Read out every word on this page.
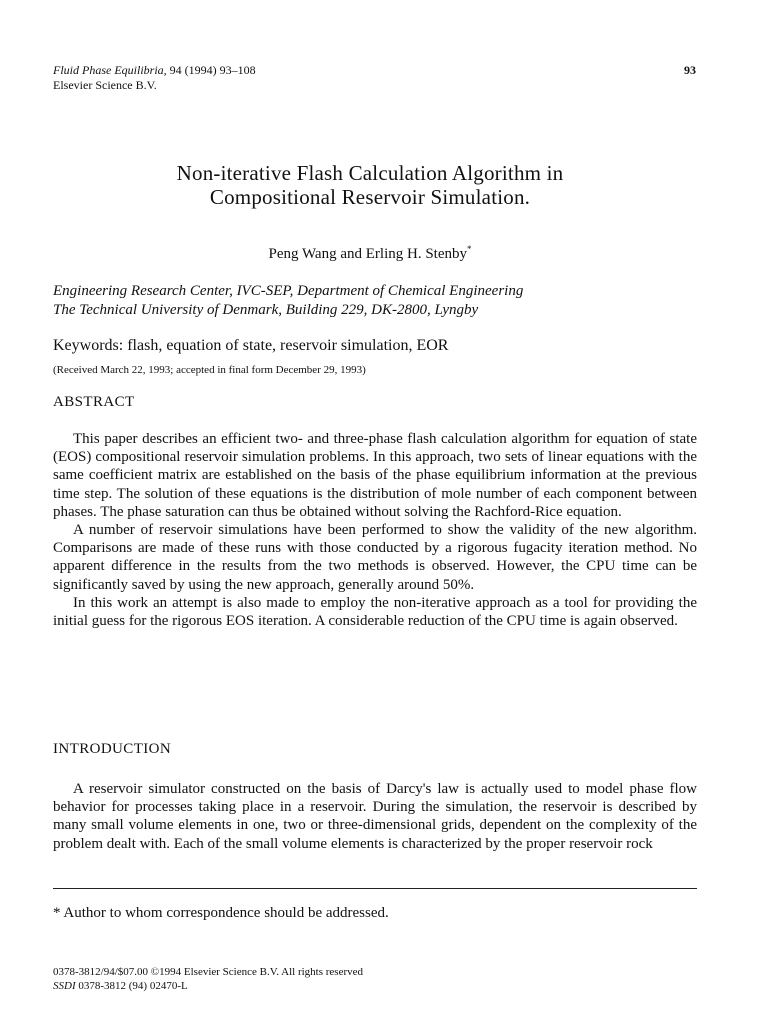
Fluid Phase Equilibria, 94 (1994) 93–108
Elsevier Science B.V.
93
Non-iterative Flash Calculation Algorithm in
Compositional Reservoir Simulation.
Peng Wang and Erling H. Stenby*
Engineering Research Center, IVC-SEP, Department of Chemical Engineering
The Technical University of Denmark, Building 229, DK-2800, Lyngby
Keywords: flash, equation of state, reservoir simulation, EOR
(Received March 22, 1993; accepted in final form December 29, 1993)
ABSTRACT

This paper describes an efficient two- and three-phase flash calculation algorithm for equation of state (EOS) compositional reservoir simulation problems. In this approach, two sets of linear equations with the same coefficient matrix are established on the basis of the phase equilibrium information at the previous time step. The solution of these equations is the distribution of mole number of each component between phases. The phase saturation can thus be obtained without solving the Rachford-Rice equation.

A number of reservoir simulations have been performed to show the validity of the new algorithm. Comparisons are made of these runs with those conducted by a rigorous fugacity iteration method. No apparent difference in the results from the two methods is observed. However, the CPU time can be significantly saved by using the new approach, generally around 50%.

In this work an attempt is also made to employ the non-iterative approach as a tool for providing the initial guess for the rigorous EOS iteration. A considerable reduction of the CPU time is again observed.

INTRODUCTION

A reservoir simulator constructed on the basis of Darcy's law is actually used to model phase flow behavior for processes taking place in a reservoir. During the simulation, the reservoir is described by many small volume elements in one, two or three-dimensional grids, dependent on the complexity of the problem dealt with. Each of the small volume elements is characterized by the proper reservoir rock

* Author to whom correspondence should be addressed.
0378-3812/94/$07.00 ©1994 Elsevier Science B.V. All rights reserved
SSDI 0378-3812 (94) 02470-L
